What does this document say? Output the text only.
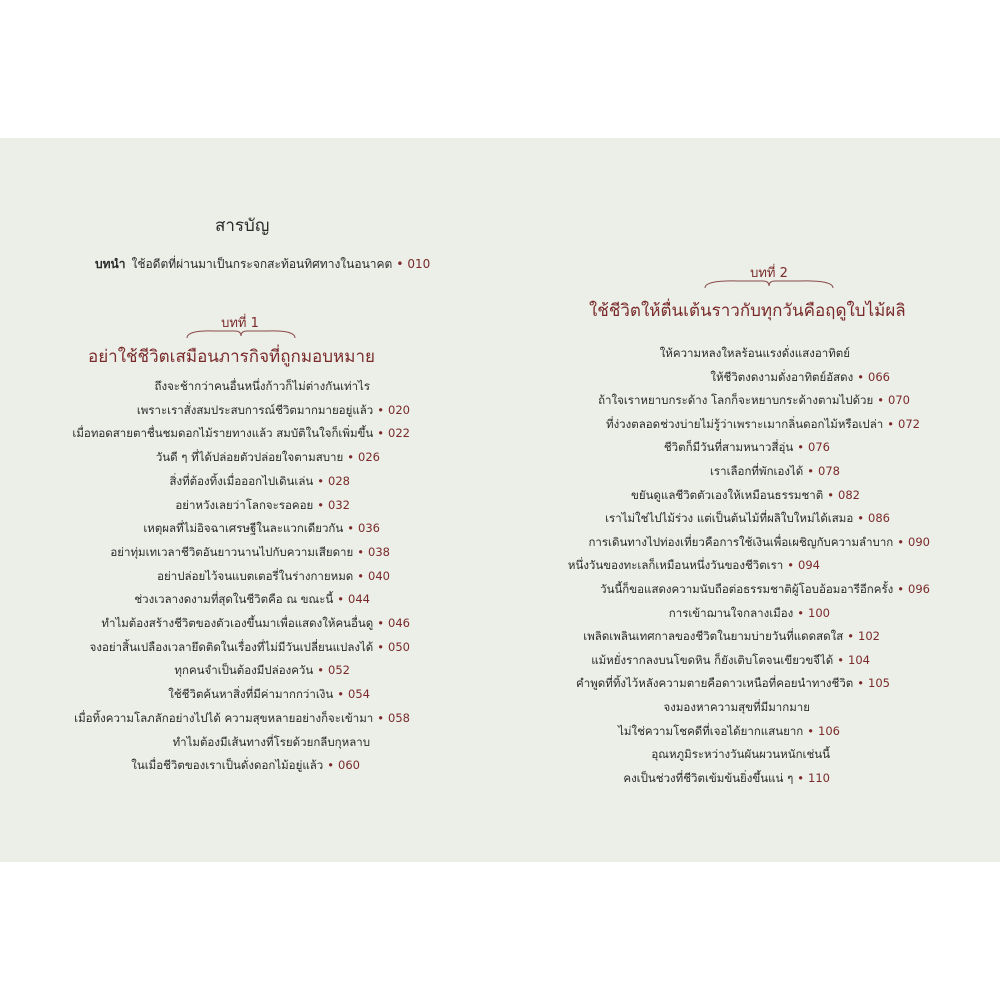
สารบัญ
บทนำ ใช้อดีตที่ผ่านมาเป็นกระจกสะท้อนทิศทางในอนาคต • 010
บทที่ 1
อย่าใช้ชีวิตเสมือนภารกิจที่ถูกมอบหมาย
บทที่ 2
ใช้ชีวิตให้ตื่นเต้นราวกับทุกวันคือฤดูใบไม้ผลิ
ถึงจะช้ากว่าคนอื่นหนึ่งก้าวก็ไม่ต่างกันเท่าไร
เพราะเราสั่งสมประสบการณ์ชีวิตมากมายอยู่แล้ว • 020
เมื่อทอดสายตาชื่นชมดอกไม้รายทางแล้ว สมบัติในใจก็เพิ่มขึ้น • 022
วันดี ๆ ที่ได้ปล่อยตัวปล่อยใจตามสบาย • 026
สิ่งที่ต้องทิ้งเมื่อออกไปเดินเล่น • 028
อย่าหวังเลยว่าโลกจะรอคอย • 032
เหตุผลที่ไม่อิจฉาเศรษฐีในละแวกเดียวกัน • 036
อย่าทุ่มเทเวลาชีวิตอันยาวนานไปกับความเสียดาย • 038
อย่าปล่อยไว้จนแบตเตอรี่ในร่างกายหมด • 040
ช่วงเวลางดงามที่สุดในชีวิตคือ ณ ขณะนี้ • 044
ทำไมต้องสร้างชีวิตของตัวเองขึ้นมาเพื่อแสดงให้คนอื่นดู • 046
จงอย่าสิ้นเปลืองเวลายึดติดในเรื่องที่ไม่มีวันเปลี่ยนแปลงได้ • 050
ทุกคนจำเป็นต้องมีปล่องควัน • 052
ใช้ชีวิตค้นหาสิ่งที่มีค่ามากกว่าเงิน • 054
เมื่อทิ้งความโลภลักอย่างไปได้ ความสุขหลายอย่างก็จะเข้ามา • 058
ทำไมต้องมีเส้นทางที่โรยด้วยกลีบกุหลาบ
ในเมื่อชีวิตของเราเป็นดั่งดอกไม้อยู่แล้ว • 060
ให้ความหลงใหลร้อนแรงดั่งแสงอาทิตย์
ให้ชีวิตงดงามดั่งอาทิตย์อัสดง • 066
ถ้าใจเราหยาบกระด้าง โลกก็จะหยาบกระด้างตามไปด้วย • 070
ที่ง่วงตลอดช่วงบ่ายไม่รู้ว่าเพราะเมากลิ่นดอกไม้หรือเปล่า • 072
ชีวิตก็มีวันที่สามหนาวสี่อุ่น • 076
เราเลือกที่พักเองได้ • 078
ขยันดูแลชีวิตตัวเองให้เหมือนธรรมชาติ • 082
เราไม่ใช่ไปไม้ร่วง แต่เป็นต้นไม้ที่ผลิใบใหม่ได้เสมอ • 086
การเดินทางไปท่องเที่ยวคือการใช้เงินเพื่อเผชิญกับความลำบาก • 090
หนึ่งวันของทะเลก็เหมือนหนึ่งวันของชีวิตเรา • 094
วันนี้ก็ขอแสดงความนับถือต่อธรรมชาติผู้โอบอ้อมอารีอีกครั้ง • 096
การเข้าฌานใจกลางเมือง • 100
เพลิดเพลินเทศกาลของชีวิตในยามบ่ายวันที่แดดสดใส • 102
แม้หยั่งรากลงบนโขดหิน ก็ยังเติบโตจนเขียวขจีได้ • 104
คำพูดที่ทิ้งไว้หลังความตายคือดาวเหนือที่คอยนำทางชีวิต • 105
จงมองหาความสุขที่มีมากมาย
ไม่ใช่ความโชคดีที่เจอได้ยากแสนยาก • 106
อุณหภูมิระหว่างวันผันผวนหนักเช่นนี้
คงเป็นช่วงที่ชีวิตเข้มข้นยิ่งขึ้นแน่ ๆ • 110
